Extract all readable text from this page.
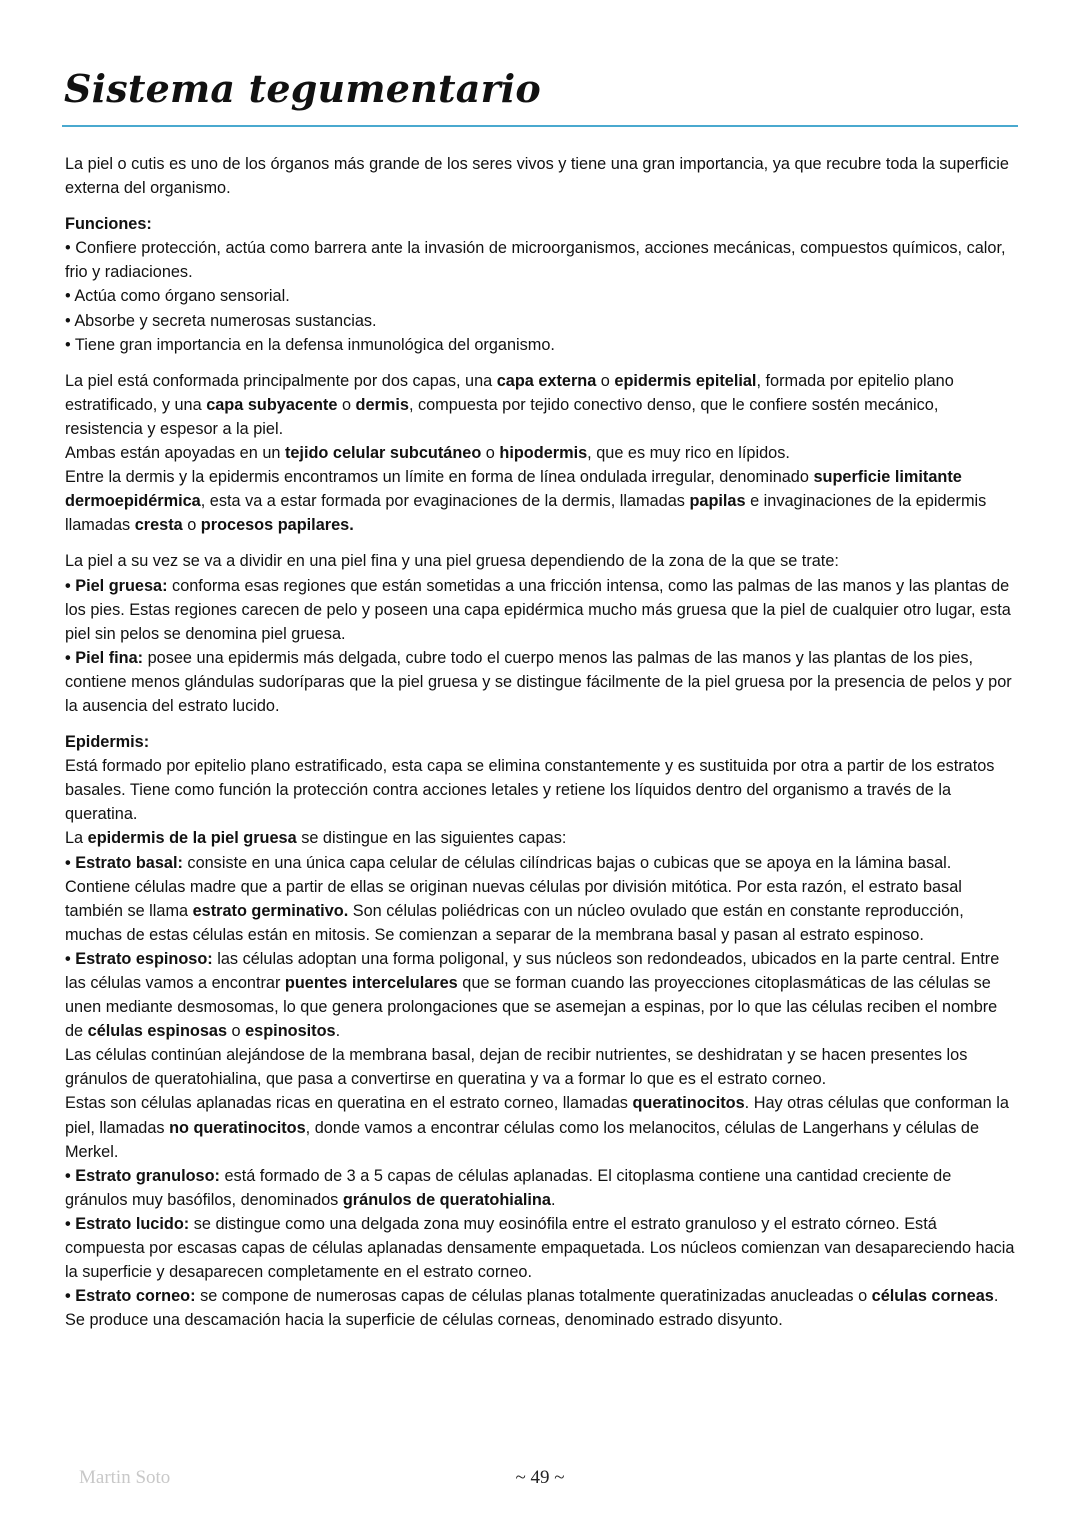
Sistema tegumentario

La piel o cutis es uno de los órganos más grande de los seres vivos y tiene una gran importancia, ya que recubre toda la superficie externa del organismo.

Funciones:

• Confiere protección, actúa como barrera ante la invasión de microorganismos, acciones mecánicas, compuestos químicos, calor, frio y radiaciones.

• Actúa como órgano sensorial.

• Absorbe y secreta numerosas sustancias.

• Tiene gran importancia en la defensa inmunológica del organismo.

La piel está conformada principalmente por dos capas, una capa externa o epidermis epitelial, formada por epitelio plano estratificado, y una capa subyacente o dermis, compuesta por tejido conectivo denso, que le confiere sostén mecánico, resistencia y espesor a la piel.

Ambas están apoyadas en un tejido celular subcutáneo o hipodermis, que es muy rico en lípidos.

Entre la dermis y la epidermis encontramos un límite en forma de línea ondulada irregular, denominado superficie limitante dermoepidérmica, esta va a estar formada por evaginaciones de la dermis, llamadas papilas e invaginaciones de la epidermis llamadas cresta o procesos papilares.

La piel a su vez se va a dividir en una piel fina y una piel gruesa dependiendo de la zona de la que se trate:

• Piel gruesa: conforma esas regiones que están sometidas a una fricción intensa, como las palmas de las manos y las plantas de los pies. Estas regiones carecen de pelo y poseen una capa epidérmica mucho más gruesa que la piel de cualquier otro lugar, esta piel sin pelos se denomina piel gruesa.

• Piel fina: posee una epidermis más delgada, cubre todo el cuerpo menos las palmas de las manos y las plantas de los pies, contiene menos glándulas sudoríparas que la piel gruesa y se distingue fácilmente de la piel gruesa por la presencia de pelos y por la ausencia del estrato lucido.

Epidermis:

Está formado por epitelio plano estratificado, esta capa se elimina constantemente y es sustituida por otra a partir de los estratos basales. Tiene como función la protección contra acciones letales y retiene los líquidos dentro del organismo a través de la queratina.

La epidermis de la piel gruesa se distingue en las siguientes capas:

• Estrato basal: consiste en una única capa celular de células cilíndricas bajas o cubicas que se apoya en la lámina basal. Contiene células madre que a partir de ellas se originan nuevas células por división mitótica. Por esta razón, el estrato basal también se llama estrato germinativo. Son células poliédricas con un núcleo ovulado que están en constante reproducción, muchas de estas células están en mitosis. Se comienzan a separar de la membrana basal y pasan al estrato espinoso.

• Estrato espinoso: las células adoptan una forma poligonal, y sus núcleos son redondeados, ubicados en la parte central. Entre las células vamos a encontrar puentes intercelulares que se forman cuando las proyecciones citoplasmáticas de las células se unen mediante desmosomas, lo que genera prolongaciones que se asemejan a espinas, por lo que las células reciben el nombre de células espinosas o espinositos.

Las células continúan alejándose de la membrana basal, dejan de recibir nutrientes, se deshidratan y se hacen presentes los gránulos de queratohialina, que pasa a convertirse en queratina y va a formar lo que es el estrato corneo.

Estas son células aplanadas ricas en queratina en el estrato corneo, llamadas queratinocitos. Hay otras células que conforman la piel, llamadas no queratinocitos, donde vamos a encontrar células como los melanocitos, células de Langerhans y células de Merkel.

• Estrato granuloso: está formado de 3 a 5 capas de células aplanadas. El citoplasma contiene una cantidad creciente de gránulos muy basófilos, denominados gránulos de queratohialina.

• Estrato lucido: se distingue como una delgada zona muy eosinófila entre el estrato granuloso y el estrato córneo. Está compuesta por escasas capas de células aplanadas densamente empaquetada. Los núcleos comienzan van desapareciendo hacia la superficie y desaparecen completamente en el estrato corneo.

• Estrato corneo: se compone de numerosas capas de células planas totalmente queratinizadas anucleadas o células corneas. Se produce una descamación hacia la superficie de células corneas, denominado estrado disyunto.

Martin Soto	~ 49 ~
